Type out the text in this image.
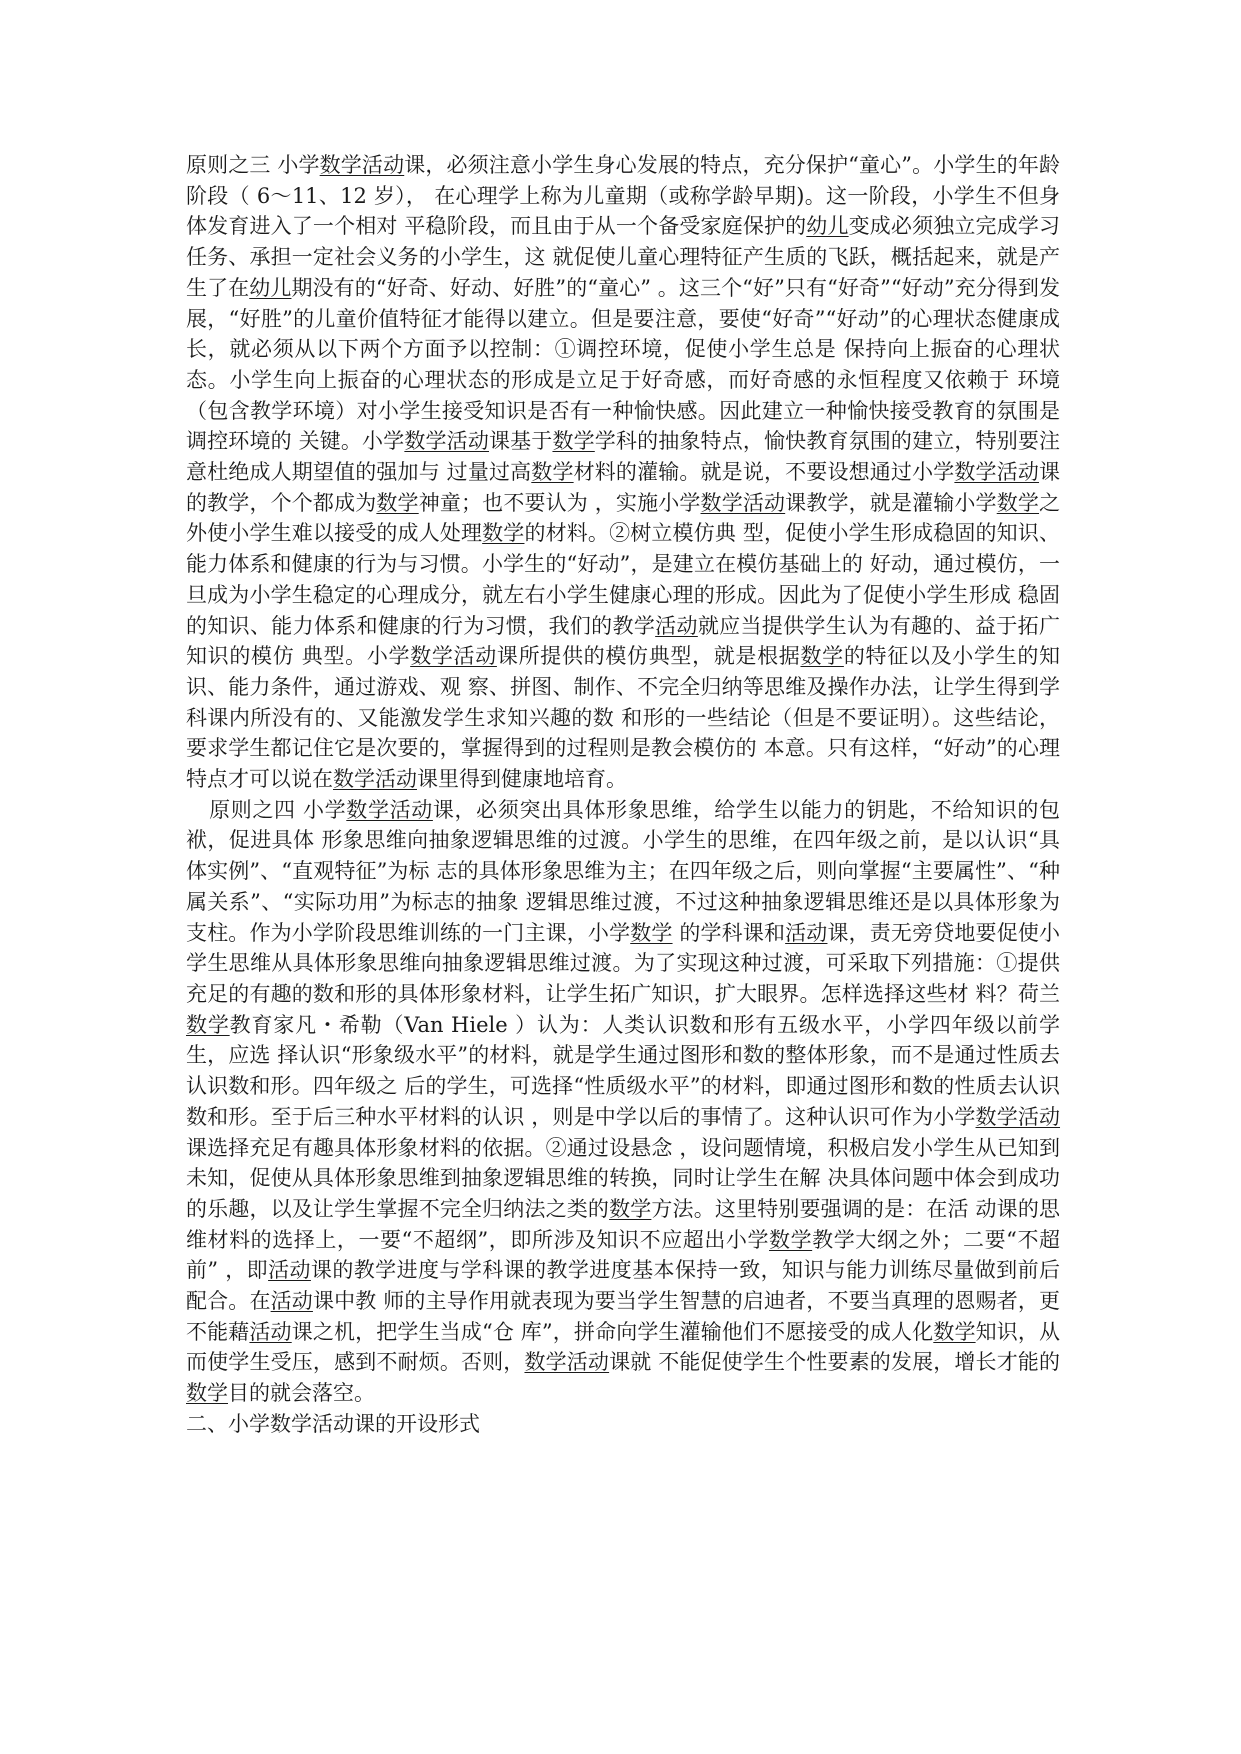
原则之三 小学数学活动课，必须注意小学生身心发展的特点，充分保护“童心”。小学生的年龄阶段（ 6～11、12 岁）， 在心理学上称为儿童期（或称学龄早期)。这一阶段，小学生不但身体发育进入了一个相对 平稳阶段，而且由于从一个备受家庭保护的幼儿变成必须独立完成学习任务、承担一定社会义务的小学生，这 就促使儿童心理特征产生质的飞跃，概括起来，就是产生了在幼儿期没有的“好奇、好动、好胜”的“童心” 。这三个“好”只有“好奇”“好动”充分得到发展，“好胜”的儿童价值特征才能得以建立。但是要注意，要使“好奇”“好动”的心理状态健康成长，就必须从以下两个方面予以控制：①调控环境，促使小学生总是 保持向上振奋的心理状态。小学生向上振奋的心理状态的形成是立足于好奇感，而好奇感的永恒程度又依赖于 环境（包含教学环境）对小学生接受知识是否有一种愉快感。因此建立一种愉快接受教育的氛围是调控环境的 关键。小学数学活动课基于数学学科的抽象特点，愉快教育氛围的建立，特别要注意杜绝成人期望值的强加与 过量过高数学材料的灌输。就是说，不要设想通过小学数学活动课的教学，个个都成为数学神童；也不要认为 ，实施小学数学活动课教学，就是灌输小学数学之外使小学生难以接受的成人处理数学的材料。②树立模仿典 型，促使小学生形成稳固的知识、能力体系和健康的行为与习惯。小学生的“好动”，是建立在模仿基础上的 好动，通过模仿，一旦成为小学生稳定的心理成分，就左右小学生健康心理的形成。因此为了促使小学生形成 稳固的知识、能力体系和健康的行为习惯，我们的教学活动就应当提供学生认为有趣的、益于拓广知识的模仿 典型。小学数学活动课所提供的模仿典型，就是根据数学的特征以及小学生的知识、能力条件，通过游戏、观 察、拼图、制作、不完全归纳等思维及操作办法，让学生得到学科课内所没有的、又能激发学生求知兴趣的数 和形的一些结论（但是不要证明）。这些结论，要求学生都记住它是次要的，掌握得到的过程则是教会模仿的 本意。只有这样，“好动”的心理特点才可以说在数学活动课里得到健康地培育。

原则之四 小学数学活动课，必须突出具体形象思维，给学生以能力的钥匙，不给知识的包袱，促进具体 形象思维向抽象逻辑思维的过渡。小学生的思维，在四年级之前，是以认识“具体实例”、“直观特征”为标 志的具体形象思维为主；在四年级之后，则向掌握“主要属性”、“种属关系”、“实际功用”为标志的抽象 逻辑思维过渡，不过这种抽象逻辑思维还是以具体形象为支柱。作为小学阶段思维训练的一门主课，小学数学 的学科课和活动课，责无旁贷地要促使小学生思维从具体形象思维向抽象逻辑思维过渡。为了实现这种过渡，可采取下列措施：①提供充足的有趣的数和形的具体形象材料，让学生拓广知识，扩大眼界。怎样选择这些材 料？荷兰数学教育家凡・希勒（Van Hiele ）认为：人类认识数和形有五级水平，小学四年级以前学生，应选 择认识“形象级水平”的材料，就是学生通过图形和数的整体形象，而不是通过性质去认识数和形。四年级之 后的学生，可选择“性质级水平”的材料，即通过图形和数的性质去认识数和形。至于后三种水平材料的认识 ，则是中学以后的事情了。这种认识可作为小学数学活动课选择充足有趣具体形象材料的依据。②通过设悬念 ，设问题情境，积极启发小学生从已知到未知，促使从具体形象思维到抽象逻辑思维的转换，同时让学生在解 决具体问题中体会到成功的乐趣，以及让学生掌握不完全归纳法之类的数学方法。这里特别要强调的是：在活 动课的思维材料的选择上，一要“不超纲”，即所涉及知识不应超出小学数学教学大纲之外；二要“不超前” ，即活动课的教学进度与学科课的教学进度基本保持一致，知识与能力训练尽量做到前后配合。在活动课中教 师的主导作用就表现为要当学生智慧的启迪者，不要当真理的恩赐者，更不能藉活动课之机，把学生当成“仓 库”，拼命向学生灌输他们不愿接受的成人化数学知识，从而使学生受压，感到不耐烦。否则，数学活动课就 不能促使学生个性要素的发展，增长才能的数学目的就会落空。

二、小学数学活动课的开设形式
